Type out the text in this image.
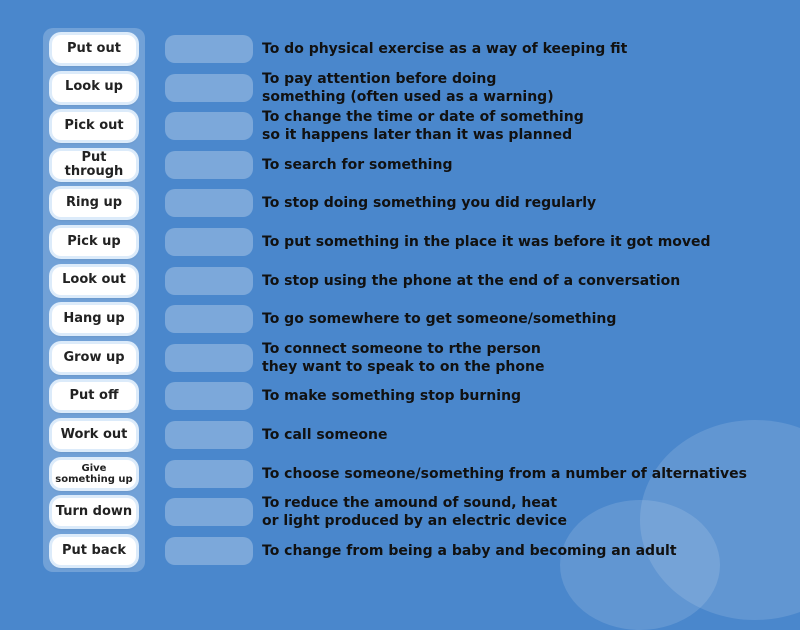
Put out
Look up
Pick out
Put through
Ring up
Pick up
Look out
Hang up
Grow up
Put off
Work out
Give
something up
Turn down
Put back
To do physical exercise as a way of keeping fit
To pay attention before doing
something (often used as a warning)
To change the time or date of something
so it happens later than it was planned
To search for something
To stop doing something you did regularly
To put something in the place it was before it got moved
To stop using the phone at the end of a conversation
To go somewhere to get someone/something
To connect someone to rthe person
they want to speak to on the phone
To make something stop burning
To call someone
To choose someone/something from a number of alternatives
To reduce the amound of sound, heat
or light produced by an electric device
To change from being a baby and becoming an adult
